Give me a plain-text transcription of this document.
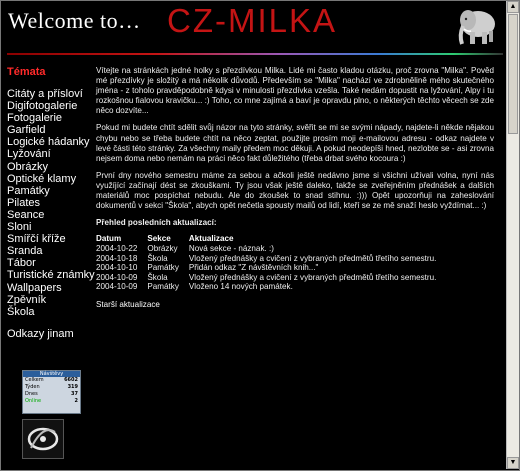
Welcome to… CZ-MILKA
Témata
Citáty a přísloví
Digifotogalerie
Fotogalerie
Garfield
Logické hádanky
Lyžování
Obrázky
Optické klamy
Památky
Pilates
Seance
Sloni
Smířčí kříže
Sranda
Tábor
Turistické známky
Wallpapers
Zpěvník
Škola
Odkazy jinam
Návštěvy
Celkem	6602
Týden	319
Dnes	37
Online	2

Vítejte na stránkách jedné holky s přezdívkou Milka. Lidé mi často kladou otázku, proč zrovna "Milka". Pověd mé přezdívky je složitý a má několik důvodů. Především se "Milka" nachází ve zdrobnělině mého skutečného jména - z toholo pravděpodobně kdysi v minulosti přezdívka vzešla. Také nedám dopustit na lyžování, Alpy i tu rozkošnou fialovou kravičku... :) Toho, co mne zajímá a baví je opravdu plno, o některých těchto věcech se zde něco dozvíte...

Pokud mi budete chtít sdělit svůj názor na tyto stránky, svěřit se mi se svými nápady, najdete-li někde nějakou chybu nebo se třeba budete chtít na něco zeptat, použijte prosím moji e-mailovou adresu - odkaz najdete v levé části této stránky. Za všechny maily předem moc děkuji. A pokud neodepíši hned, nezlobte se - asi zrovna nejsem doma nebo nemám na práci něco fakt důležitého (třeba drbat svého kocoura :)

První dny nového semestru máme za sebou a ačkoli ještě nedávno jsme si všichni užívali volna, nyní nás využíjící začínají dést se zkouškami. Ty jsou však ještě daleko, takže se zveřejněním přednášek a dalších materiálů moc pospíchat nebudu. Ale do zkoušek to snad stihnu. :))) Opět upozorňuji na zaheslování dokumentů v sekci "Škola", abych opět nečetla spousty mailů od lidí, kteří se ze mě snaží heslo vyždímat... :)

Přehled posledních aktualizací:
Datum	Sekce	Aktualizace
2004-10-22	Obrázky	Nová sekce - náznak. :)
2004-10-18	Škola	Vložený přednášky a cvičení z vybraných předmětů třetího semestru.
2004-10-10	Památky	Přidán odkaz "Z návštěvních knih..."
2004-10-09	Škola	Vložený přednášky a cvičení z vybraných předmětů třetího semestru.
2004-10-09	Památky	Vloženo 14 nových památek.
Starší aktualizace
▲
▼
